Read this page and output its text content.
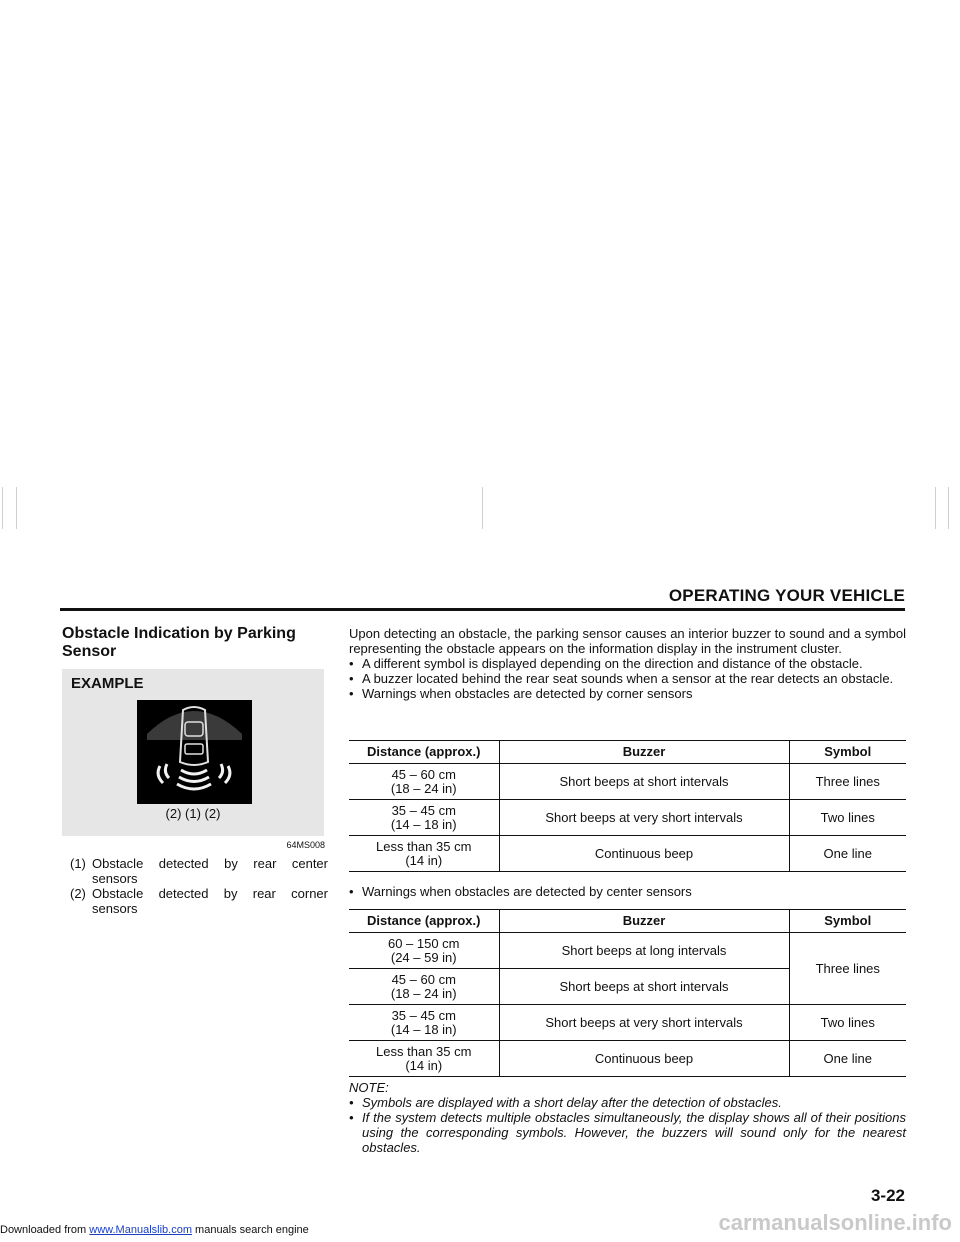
OPERATING YOUR VEHICLE
Obstacle Indication by Parking Sensor
EXAMPLE
(2) (1) (2)
64MS008
(1) Obstacle detected by rear center sensors
(2) Obstacle detected by rear corner sensors

Upon detecting an obstacle, the parking sensor causes an interior buzzer to sound and a symbol representing the obstacle appears on the information display in the instrument cluster.

• A different symbol is displayed depending on the direction and distance of the obstacle.
• A buzzer located behind the rear seat sounds when a sensor at the rear detects an obstacle.
• Warnings when obstacles are detected by corner sensors
Distance (approx.)	Buzzer	Symbol
45 – 60 cm
(18 – 24 in)	Short beeps at short intervals	Three lines
35 – 45 cm
(14 – 18 in)	Short beeps at very short intervals	Two lines
Less than 35 cm
(14 in)	Continuous beep	One line
• Warnings when obstacles are detected by center sensors
Distance (approx.)	Buzzer	Symbol
60 – 150 cm
(24 – 59 in)	Short beeps at long intervals	Three lines
45 – 60 cm
(18 – 24 in)	Short beeps at short intervals	
35 – 45 cm
(14 – 18 in)	Short beeps at very short intervals	Two lines
Less than 35 cm
(14 in)	Continuous beep	One line
NOTE:
• Symbols are displayed with a short delay after the detection of obstacles.
• If the system detects multiple obstacles simultaneously, the display shows all of their positions using the corresponding symbols. However, the buzzers will sound only for the nearest obstacles.
3-22
Downloaded from www.Manualslib.com manuals search engine	carmanualsonline.info
